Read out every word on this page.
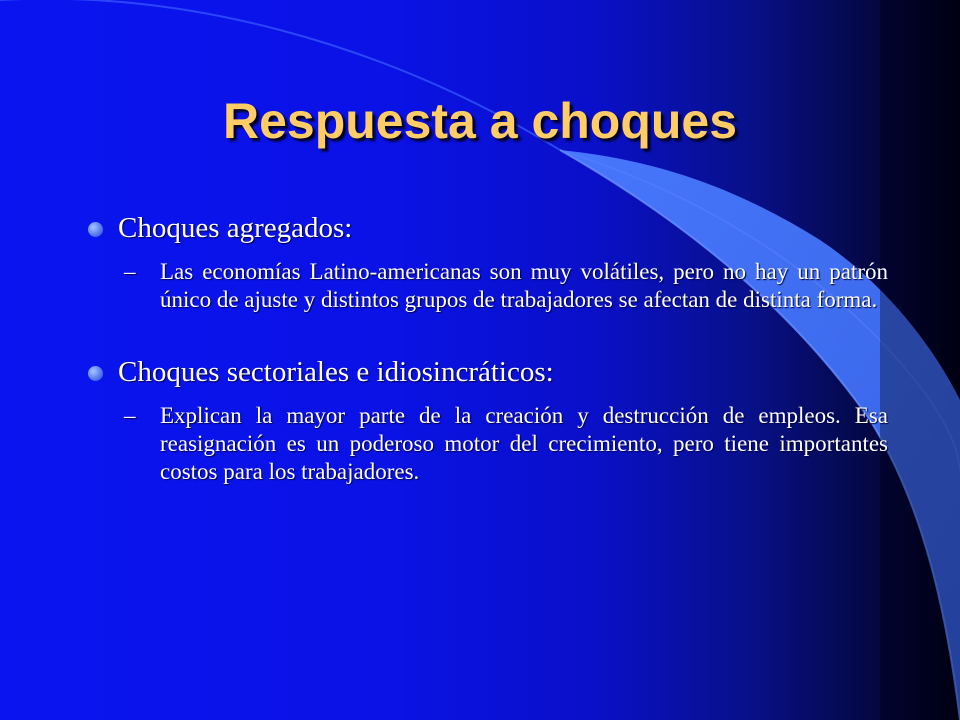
Respuesta a choques
Choques agregados:
– Las economías Latino-americanas son muy volátiles, pero no hay un patrón único de ajuste y distintos grupos de trabajadores se afectan de distinta forma.
Choques sectoriales e idiosincráticos:
– Explican la mayor parte de la creación y destrucción de empleos. Esa reasignación es un poderoso motor del crecimiento, pero tiene importantes costos para los trabajadores.
